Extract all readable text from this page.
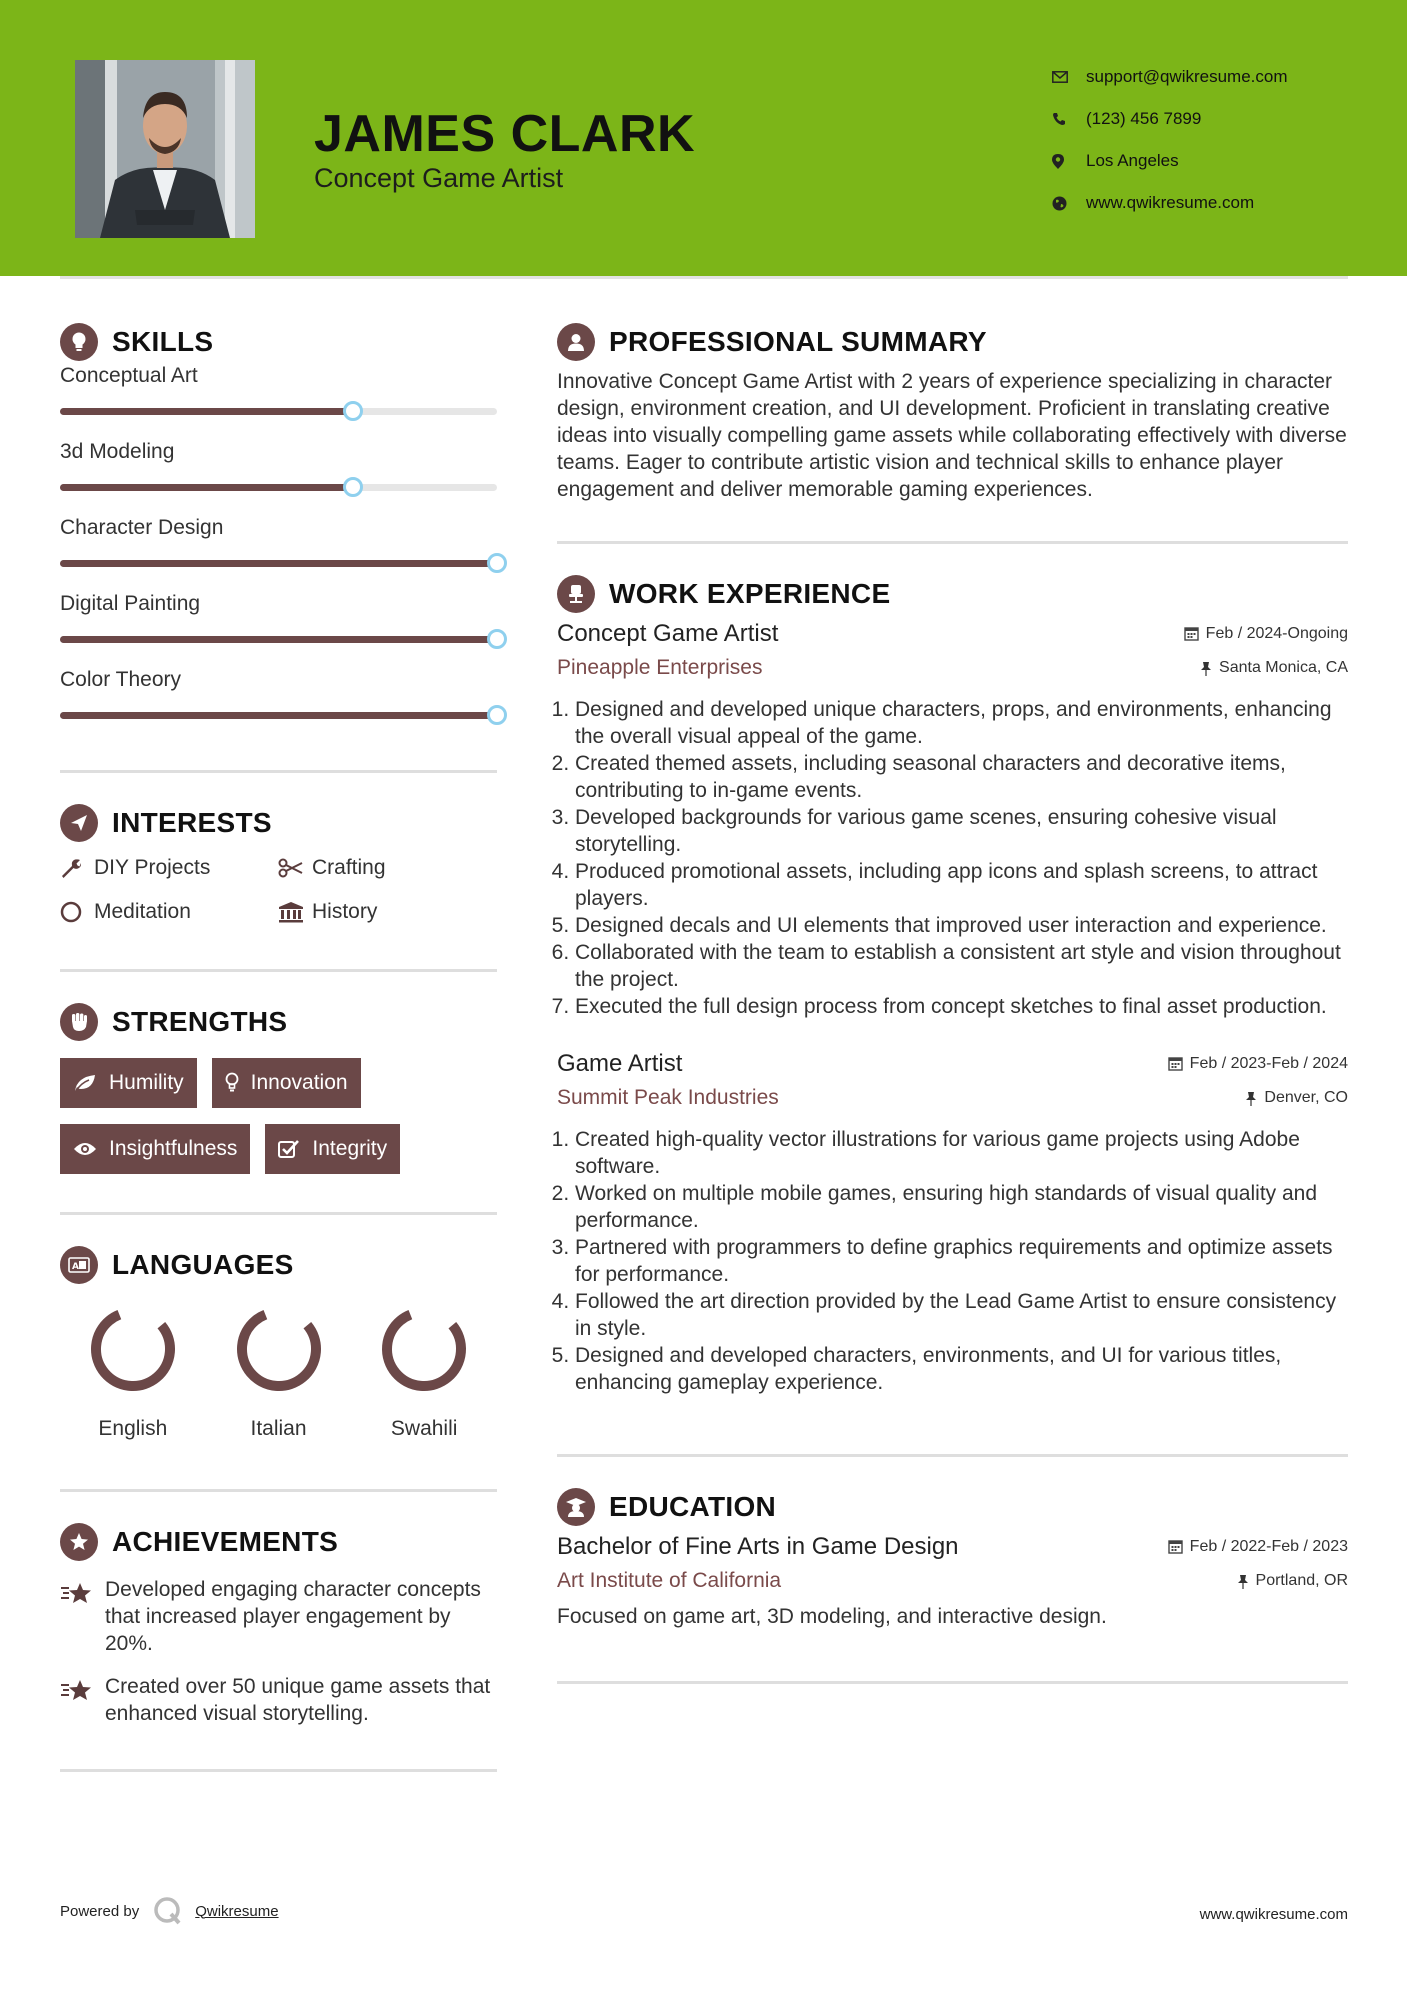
JAMES CLARK
Concept Game Artist
support@qwikresume.com
(123) 456 7899
Los Angeles
www.qwikresume.com
SKILLS
Conceptual Art
3d Modeling
Character Design
Digital Painting
Color Theory
INTERESTS
DIY Projects	Crafting
Meditation	History
STRENGTHS
Humility	Innovation
Insightfulness	Integrity
A LANGUAGES
English	Italian	Swahili
ACHIEVEMENTS
Developed engaging character concepts that increased player engagement by 20%.
Created over 50 unique game assets that enhanced visual storytelling.
PROFESSIONAL SUMMARY
Innovative Concept Game Artist with 2 years of experience specializing in character design, environment creation, and UI development. Proficient in translating creative ideas into visually compelling game assets while collaborating effectively with diverse teams. Eager to contribute artistic vision and technical skills to enhance player engagement and deliver memorable gaming experiences.
WORK EXPERIENCE
Concept Game Artist	Feb / 2024-Ongoing
Pineapple Enterprises	Santa Monica, CA
1. Designed and developed unique characters, props, and environments, enhancing the overall visual appeal of the game.
2. Created themed assets, including seasonal characters and decorative items, contributing to in-game events.
3. Developed backgrounds for various game scenes, ensuring cohesive visual storytelling.
4. Produced promotional assets, including app icons and splash screens, to attract players.
5. Designed decals and UI elements that improved user interaction and experience.
6. Collaborated with the team to establish a consistent art style and vision throughout the project.
7. Executed the full design process from concept sketches to final asset production.
Game Artist	Feb / 2023-Feb / 2024
Summit Peak Industries	Denver, CO
1. Created high-quality vector illustrations for various game projects using Adobe software.
2. Worked on multiple mobile games, ensuring high standards of visual quality and performance.
3. Partnered with programmers to define graphics requirements and optimize assets for performance.
4. Followed the art direction provided by the Lead Game Artist to ensure consistency in style.
5. Designed and developed characters, environments, and UI for various titles, enhancing gameplay experience.
EDUCATION
Bachelor of Fine Arts in Game Design	Feb / 2022-Feb / 2023
Art Institute of California	Portland, OR
Focused on game art, 3D modeling, and interactive design.
Powered by	Qwikresume	www.qwikresume.com
